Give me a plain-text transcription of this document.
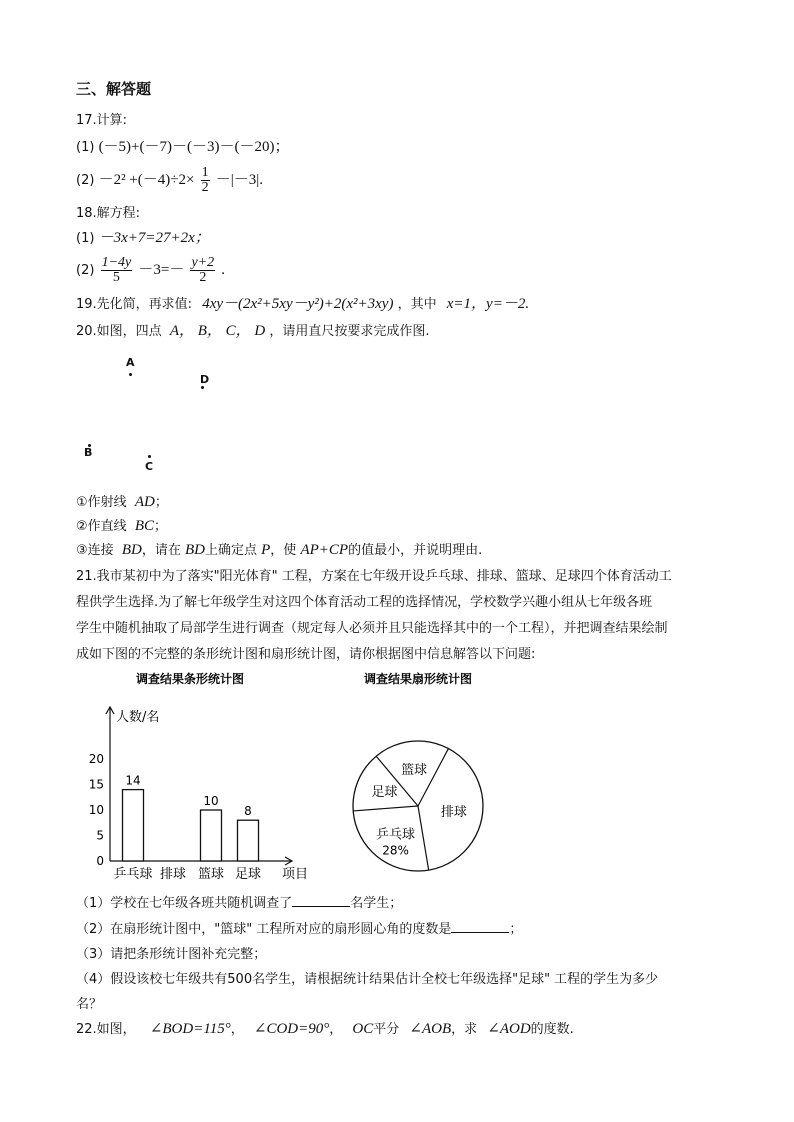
三、解答题
17.计算:
(1) (－5)+(－7)－(－3)－(－20)；
$(2) -2^2 +(-4)\div 2\times \frac{1}{2} -|-3|$.
18.解方程:
(1) －3x+7=27+2x；
$(2) \frac{1-4y}{5} -3=- \frac{y+2}{2}$ .
19.先化简，再求值: 4xy－(2x²+5xy－y²)+2(x²+3xy) ，其中 x=1，y=－2.
20.如图，四点 A， B， C， D ，请用直尺按要求完成作图.
A
D
B
C
①作射线 AD；
②作直线 BC；
③连接 BD，请在 BD上确定点 P，使 AP+CP的值最小，并说明理由.
21.我市某初中为了落实"阳光体育" 工程，方案在七年级开设乒乓球、排球、篮球、足球四个体育活动工
程供学生选择.为了解七年级学生对这四个体育活动工程的选择情况，学校数学兴趣小组从七年级各班
学生中随机抽取了局部学生进行调查（规定每人必须并且只能选择其中的一个工程），并把调查结果绘制
成如下图的不完整的条形统计图和扇形统计图，请你根据图中信息解答以下问题:
调查结果条形统计图
人数/名
项目
0
5
10
15
20
乒乓球
14
排球 篮球
10
足球
8
调查结果扇形统计图
篮球
排球
乒乓球
28%
足球
（1）学校在七年级各班共随机调查了	名学生；
（2）在扇形统计图中，"篮球" 工程所对应的扇形圆心角的度数是	；
（3）请把条形统计图补充完整；
（4）假设该校七年级共有500名学生，请根据统计结果估计全校七年级选择"足球" 工程的学生为多少
名？
22.如图， ∠BOD=115°， ∠COD=90°， OC平分 ∠AOB，求 ∠AOD的度数.
